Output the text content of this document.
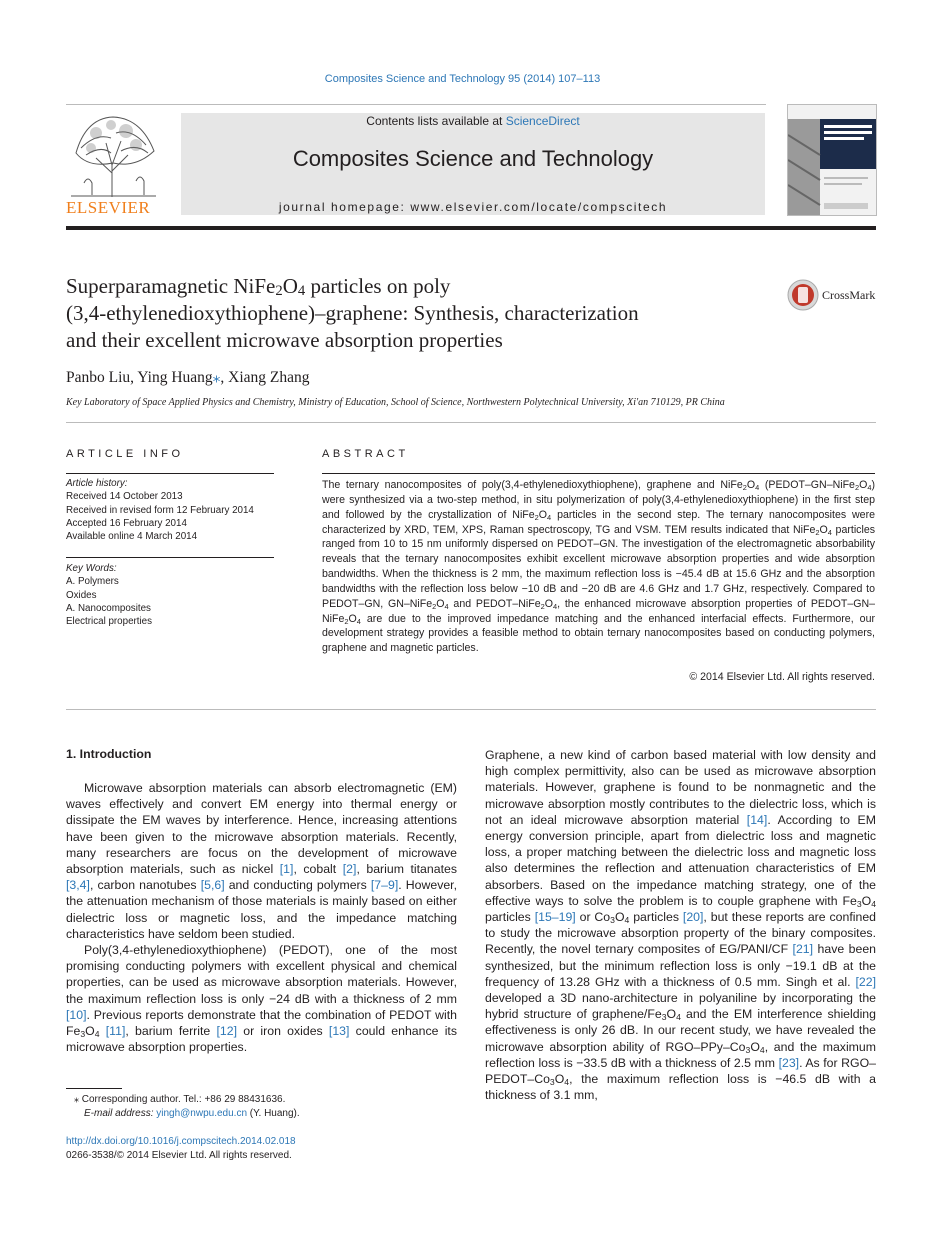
Composites Science and Technology 95 (2014) 107–113
ELSEVIER
Contents lists available at ScienceDirect
Composites Science and Technology
journal homepage: www.elsevier.com/locate/compscitech
Superparamagnetic $NiFe_2O_4$ particles on poly
(3,4-ethylenedioxythiophene)–graphene: Synthesis, characterization
and their excellent microwave absorption properties
CrossMark
Panbo Liu, Ying Huang⁎, Xiang Zhang
Key Laboratory of Space Applied Physics and Chemistry, Ministry of Education, School of Science, Northwestern Polytechnical University, Xi'an 710129, PR China
ARTICLE INFO
Article history:
Received 14 October 2013
Received in revised form 12 February 2014
Accepted 16 February 2014
Available online 4 March 2014
Key Words:
A. Polymers
Oxides
A. Nanocomposites
Electrical properties
ABSTRACT
The ternary nanocomposites of poly(3,4-ethylenedioxythiophene), graphene and $NiFe_2O_4$ $(PEDOT-GN-NiFe_2O_4)$ were synthesized via a two-step method, in situ polymerization of poly(3,4-ethylenedioxythiophene) in the first step and followed by the crystallization of $NiFe_2O_4$ particles in the second step. The ternary nanocomposites were characterized by XRD, TEM, XPS, Raman spectroscopy, TG and VSM. TEM results indicated that $NiFe_2O_4$ particles ranged from 10 to 15 nm uniformly dispersed on PEDOT–GN. The investigation of the electromagnetic absorbability reveals that the ternary nanocomposites exhibit excellent microwave absorption properties and wide absorption bandwidths. When the thickness is 2 mm, the maximum reflection loss is −45.4 dB at 15.6 GHz and the absorption bandwidths with the reflection loss below −10 dB and −20 dB are 4.6 GHz and 1.7 GHz, respectively. Compared to PEDOT–GN, $GN-NiFe_2O_4$ and PEDOT–$NiFe_2O_4$, the enhanced microwave absorption properties of PEDOT–$GN-NiFe_2O_4$ are due to the improved impedance matching and the enhanced interfacial effects. Furthermore, our development strategy provides a feasible method to obtain ternary nanocomposites based on conducting polymers, graphene and magnetic particles.
© 2014 Elsevier Ltd. All rights reserved.
1. Introduction

Microwave absorption materials can absorb electromagnetic (EM) waves effectively and convert EM energy into thermal energy or dissipate the EM waves by interference. Hence, increasing attentions have been given to the microwave absorption materials. Recently, many researchers are focus on the development of microwave absorption materials, such as nickel [1], cobalt [2], barium titanates [3,4], carbon nanotubes [5,6] and conducting polymers [7–9]. However, the attenuation mechanism of those materials is mainly based on either dielectric loss or magnetic loss, and the impedance matching characteristics have seldom been studied.

Poly(3,4-ethylenedioxythiophene) (PEDOT), one of the most promising conducting polymers with excellent physical and chemical properties, can be used as microwave absorption materials. However, the maximum reflection loss is only −24 dB with a thickness of 2 mm [10]. Previous reports demonstrate that the combination of PEDOT with $Fe_3O_4$ [11], barium ferrite [12] or iron oxides [13] could enhance its microwave absorption properties.

Graphene, a new kind of carbon based material with low density and high complex permittivity, also can be used as microwave absorption materials. However, graphene is found to be nonmagnetic and the microwave absorption mostly contributes to the dielectric loss, which is not an ideal microwave absorption material [14]. According to EM energy conversion principle, apart from dielectric loss and magnetic loss, a proper matching between the dielectric loss and magnetic loss also determines the reflection and attenuation characteristics of EM absorbers. Based on the impedance matching strategy, one of the effective ways to solve the problem is to couple graphene with $Fe_3O_4$ particles [15–19] or $Co_3O_4$ particles [20], but these reports are confined to study the microwave absorption property of the binary composites. Recently, the novel ternary composites of EG/PANI/CF [21] have been synthesized, but the minimum reflection loss is only −19.1 dB at the frequency of 13.28 GHz with a thickness of 0.5 mm. Singh et al. [22] developed a 3D nano-architecture in polyaniline by incorporating the hybrid structure of graphene/$Fe_3O_4$ and the EM interference shielding effectiveness is only 26 dB. In our recent study, we have revealed the microwave absorption ability of RGO–$PPy-Co_3O_4$, and the maximum reflection loss is −33.5 dB with a thickness of 2.5 mm [23]. As for RGO–$PEDOT-Co_3O_4$, the maximum reflection loss is −46.5 dB with a thickness of 3.1 mm,

⁎ Corresponding author. Tel.: +86 29 88431636.
E-mail address: yingh@nwpu.edu.cn (Y. Huang).
http://dx.doi.org/10.1016/j.compscitech.2014.02.018
0266-3538/© 2014 Elsevier Ltd. All rights reserved.
